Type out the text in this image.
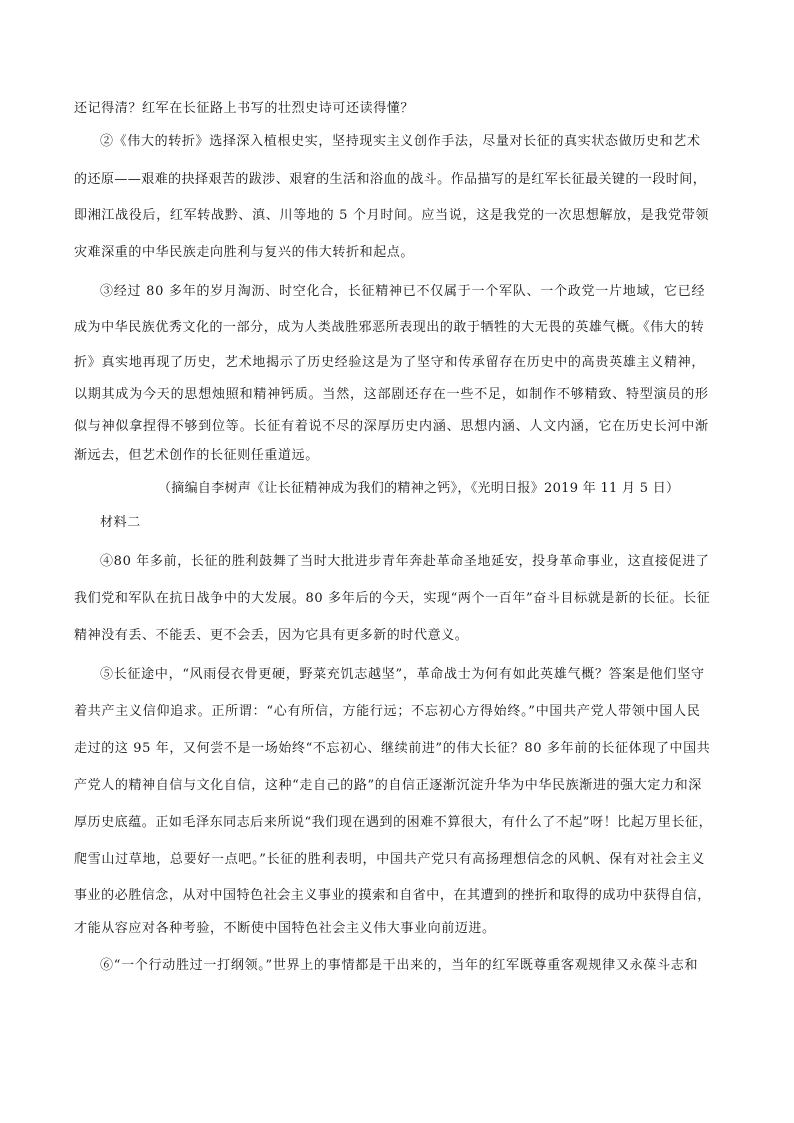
还记得清？红军在长征路上书写的壮烈史诗可还读得懂？
②《伟大的转折》选择深入植根史实，坚持现实主义创作手法，尽量对长征的真实状态做历史和艺术
的还原——艰难的抉择艰苦的跋涉、艰窘的生活和浴血的战斗。作品描写的是红军长征最关键的一段时间，
即湘江战役后，红军转战黔、滇、川等地的 5 个月时间。应当说，这是我党的一次思想解放，是我党带领
灾难深重的中华民族走向胜利与复兴的伟大转折和起点。
③经过 80 多年的岁月淘沥、时空化合，长征精神已不仅属于一个军队、一个政党一片地域，它已经
成为中华民族优秀文化的一部分，成为人类战胜邪恶所表现出的敢于牺牲的大无畏的英雄气概。《伟大的转
折》真实地再现了历史，艺术地揭示了历史经验这是为了坚守和传承留存在历史中的高贵英雄主义精神，
以期其成为今天的思想烛照和精神钙质。当然，这部剧还存在一些不足，如制作不够精致、特型演员的形
似与神似拿捏得不够到位等。长征有着说不尽的深厚历史内涵、思想内涵、人文内涵，它在历史长河中渐
渐远去，但艺术创作的长征则任重道远。
（摘编自李树声《让长征精神成为我们的精神之钙》，《光明日报》2019 年 11 月 5 日）
材料二
④80 年多前，长征的胜利鼓舞了当时大批进步青年奔赴革命圣地延安，投身革命事业，这直接促进了
我们党和军队在抗日战争中的大发展。80 多年后的今天，实现“两个一百年”奋斗目标就是新的长征。长征
精神没有丢、不能丢、更不会丢，因为它具有更多新的时代意义。
⑤长征途中，“风雨侵衣骨更硬，野菜充饥志越坚”，革命战士为何有如此英雄气概？答案是他们坚守
着共产主义信仰追求。正所谓：“心有所信，方能行远；不忘初心方得始终。”中国共产党人带领中国人民
走过的这 95 年，又何尝不是一场始终“不忘初心、继续前进”的伟大长征？80 多年前的长征体现了中国共
产党人的精神自信与文化自信，这种“走自己的路”的自信正逐渐沉淀升华为中华民族渐进的强大定力和深
厚历史底蕴。正如毛泽东同志后来所说“我们现在遇到的困难不算很大，有什么了不起”呀！比起万里长征，
爬雪山过草地，总要好一点吧。”长征的胜利表明，中国共产党只有高扬理想信念的风帆、保有对社会主义
事业的必胜信念，从对中国特色社会主义事业的摸索和自省中，在其遭到的挫折和取得的成功中获得自信，
才能从容应对各种考验，不断使中国特色社会主义伟大事业向前迈进。
⑥“一个行动胜过一打纲领。”世界上的事情都是干出来的，当年的红军既尊重客观规律又永葆斗志和
